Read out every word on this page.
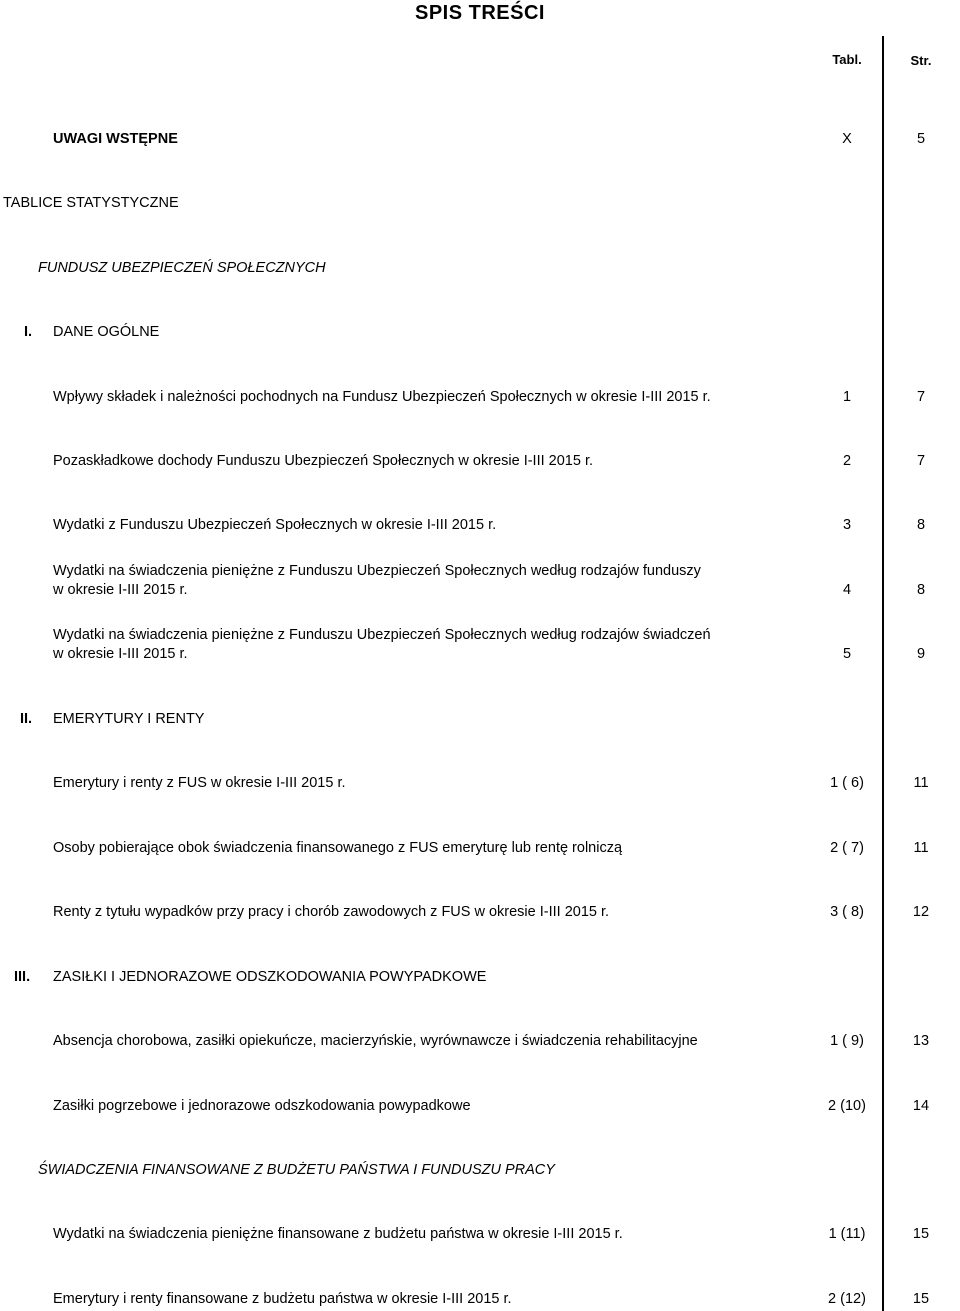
SPIS TREŚCI
Tabl.	Str.
UWAGI WSTĘPNE	X	5
TABLICE STATYSTYCZNE
FUNDUSZ UBEZPIECZEŃ SPOŁECZNYCH
I. DANE OGÓLNE
Wpływy składek i należności pochodnych na Fundusz Ubezpieczeń Społecznych w okresie I-III 2015 r.	1	7
Pozaskładkowe dochody Funduszu Ubezpieczeń Społecznych w okresie I-III 2015 r.	2	7
Wydatki z Funduszu Ubezpieczeń Społecznych w okresie I-III 2015 r.	3	8
Wydatki na świadczenia pieniężne z Funduszu Ubezpieczeń Społecznych według rodzajów funduszy
w okresie I-III 2015 r.	4	8
Wydatki na świadczenia pieniężne z Funduszu Ubezpieczeń Społecznych według rodzajów świadczeń
w okresie I-III 2015 r.	5	9
II. EMERYTURY I RENTY
Emerytury i renty z FUS w okresie I-III 2015 r.	1 ( 6)	11
Osoby pobierające obok świadczenia finansowanego z FUS emeryturę lub rentę rolniczą	2 ( 7)	11
Renty z tytułu wypadków przy pracy i chorób zawodowych z FUS w okresie I-III 2015 r.	3 ( 8)	12
III. ZASIŁKI I JEDNORAZOWE ODSZKODOWANIA POWYPADKOWE
Absencja chorobowa, zasiłki opiekuńcze, macierzyńskie, wyrównawcze i świadczenia rehabilitacyjne	1 ( 9)	13
Zasiłki pogrzebowe i jednorazowe odszkodowania powypadkowe	2 (10)	14
ŚWIADCZENIA FINANSOWANE Z BUDŻETU PAŃSTWA I FUNDUSZU PRACY
Wydatki na świadczenia pieniężne finansowane z budżetu państwa w okresie I-III 2015 r.	1 (11)	15
Emerytury i renty finansowane z budżetu państwa w okresie I-III 2015 r.	2 (12)	15
